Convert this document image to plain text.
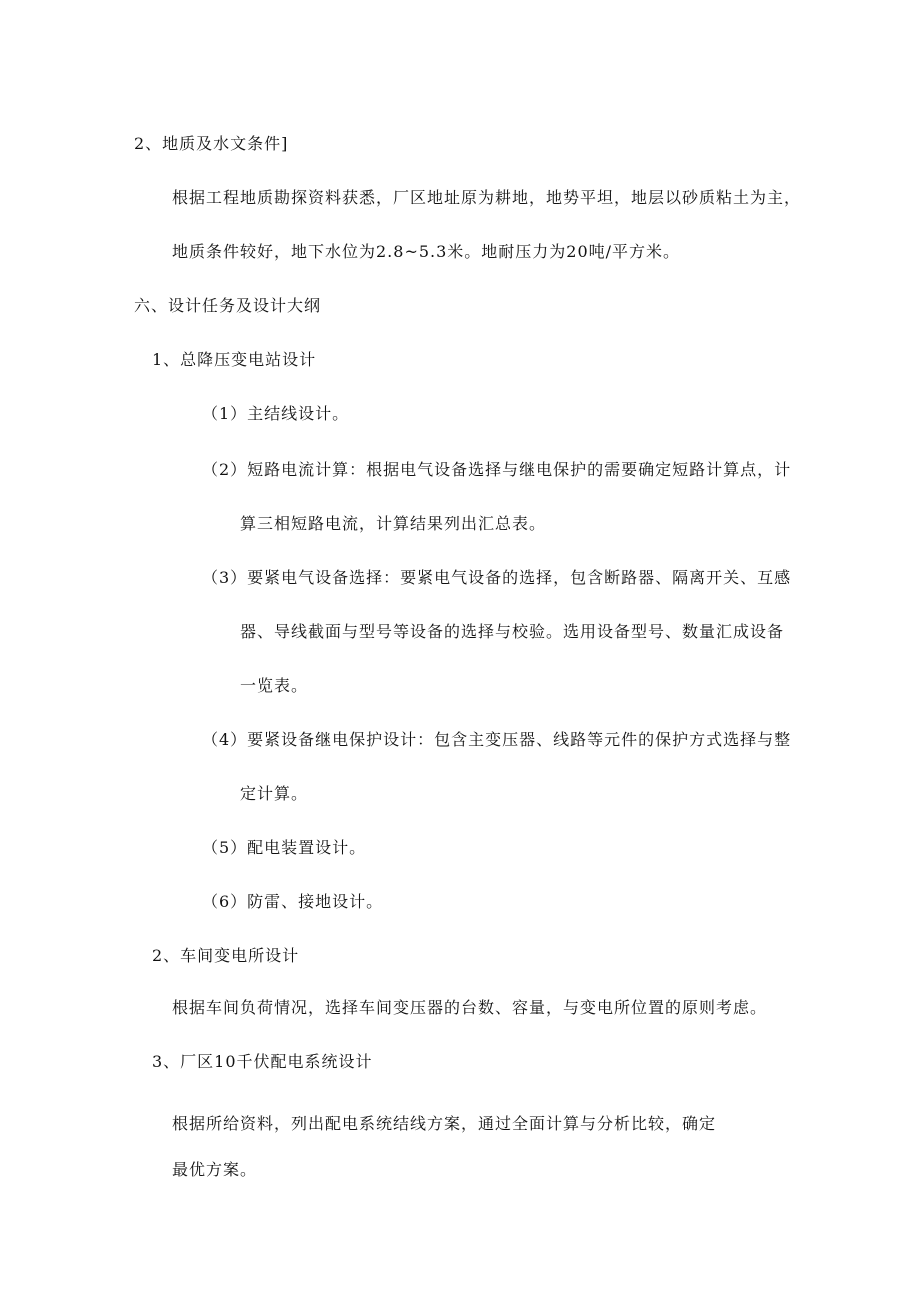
2、地质及水文条件]
根据工程地质勘探资料获悉，厂区地址原为耕地，地势平坦，地层以砂质粘土为主，
地质条件较好，地下水位为2.8~5.3米。地耐压力为20吨/平方米。
六、设计任务及设计大纲
1、总降压变电站设计
（1）主结线设计。
（2）短路电流计算：根据电气设备选择与继电保护的需要确定短路计算点，计
算三相短路电流，计算结果列出汇总表。
（3）要紧电气设备选择：要紧电气设备的选择，包含断路器、隔离开关、互感
器、导线截面与型号等设备的选择与校验。选用设备型号、数量汇成设备
一览表。
（4）要紧设备继电保护设计：包含主变压器、线路等元件的保护方式选择与整
定计算。
（5）配电装置设计。
（6）防雷、接地设计。
2、车间变电所设计
根据车间负荷情况，选择车间变压器的台数、容量，与变电所位置的原则考虑。
3、厂区10千伏配电系统设计
根据所给资料，列出配电系统结线方案，通过全面计算与分析比较，确定
最优方案。
